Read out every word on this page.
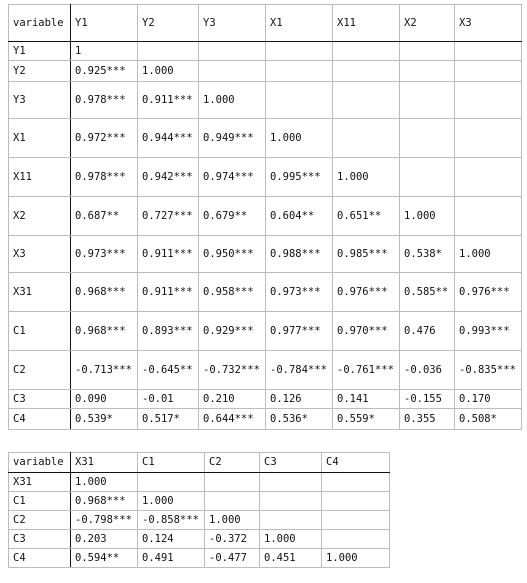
variable	Y1	Y2	Y3	X1	X11	X2	X3
Y1	1						
Y2	0.925***	1.000					
Y3	0.978***	0.911***	1.000				
X1	0.972***	0.944***	0.949***	1.000			
X11	0.978***	0.942***	0.974***	0.995***	1.000		
X2	0.687**	0.727***	0.679**	0.604**	0.651**	1.000	
X3	0.973***	0.911***	0.950***	0.988***	0.985***	0.538*	1.000
X31	0.968***	0.911***	0.958***	0.973***	0.976***	0.585**	0.976***
C1	0.968***	0.893***	0.929***	0.977***	0.970***	0.476	0.993***
C2	-0.713***	-0.645**	-0.732***	-0.784***	-0.761***	-0.036	-0.835***
C3	0.090	-0.01	0.210	0.126	0.141	-0.155	0.170
C4	0.539*	0.517*	0.644***	0.536*	0.559*	0.355	0.508*
variable	X31	C1	C2	C3	C4
X31	1.000				
C1	0.968***	1.000			
C2	-0.798***	-0.858***	1.000		
C3	0.203	0.124	-0.372	1.000	
C4	0.594**	0.491	-0.477	0.451	1.000
